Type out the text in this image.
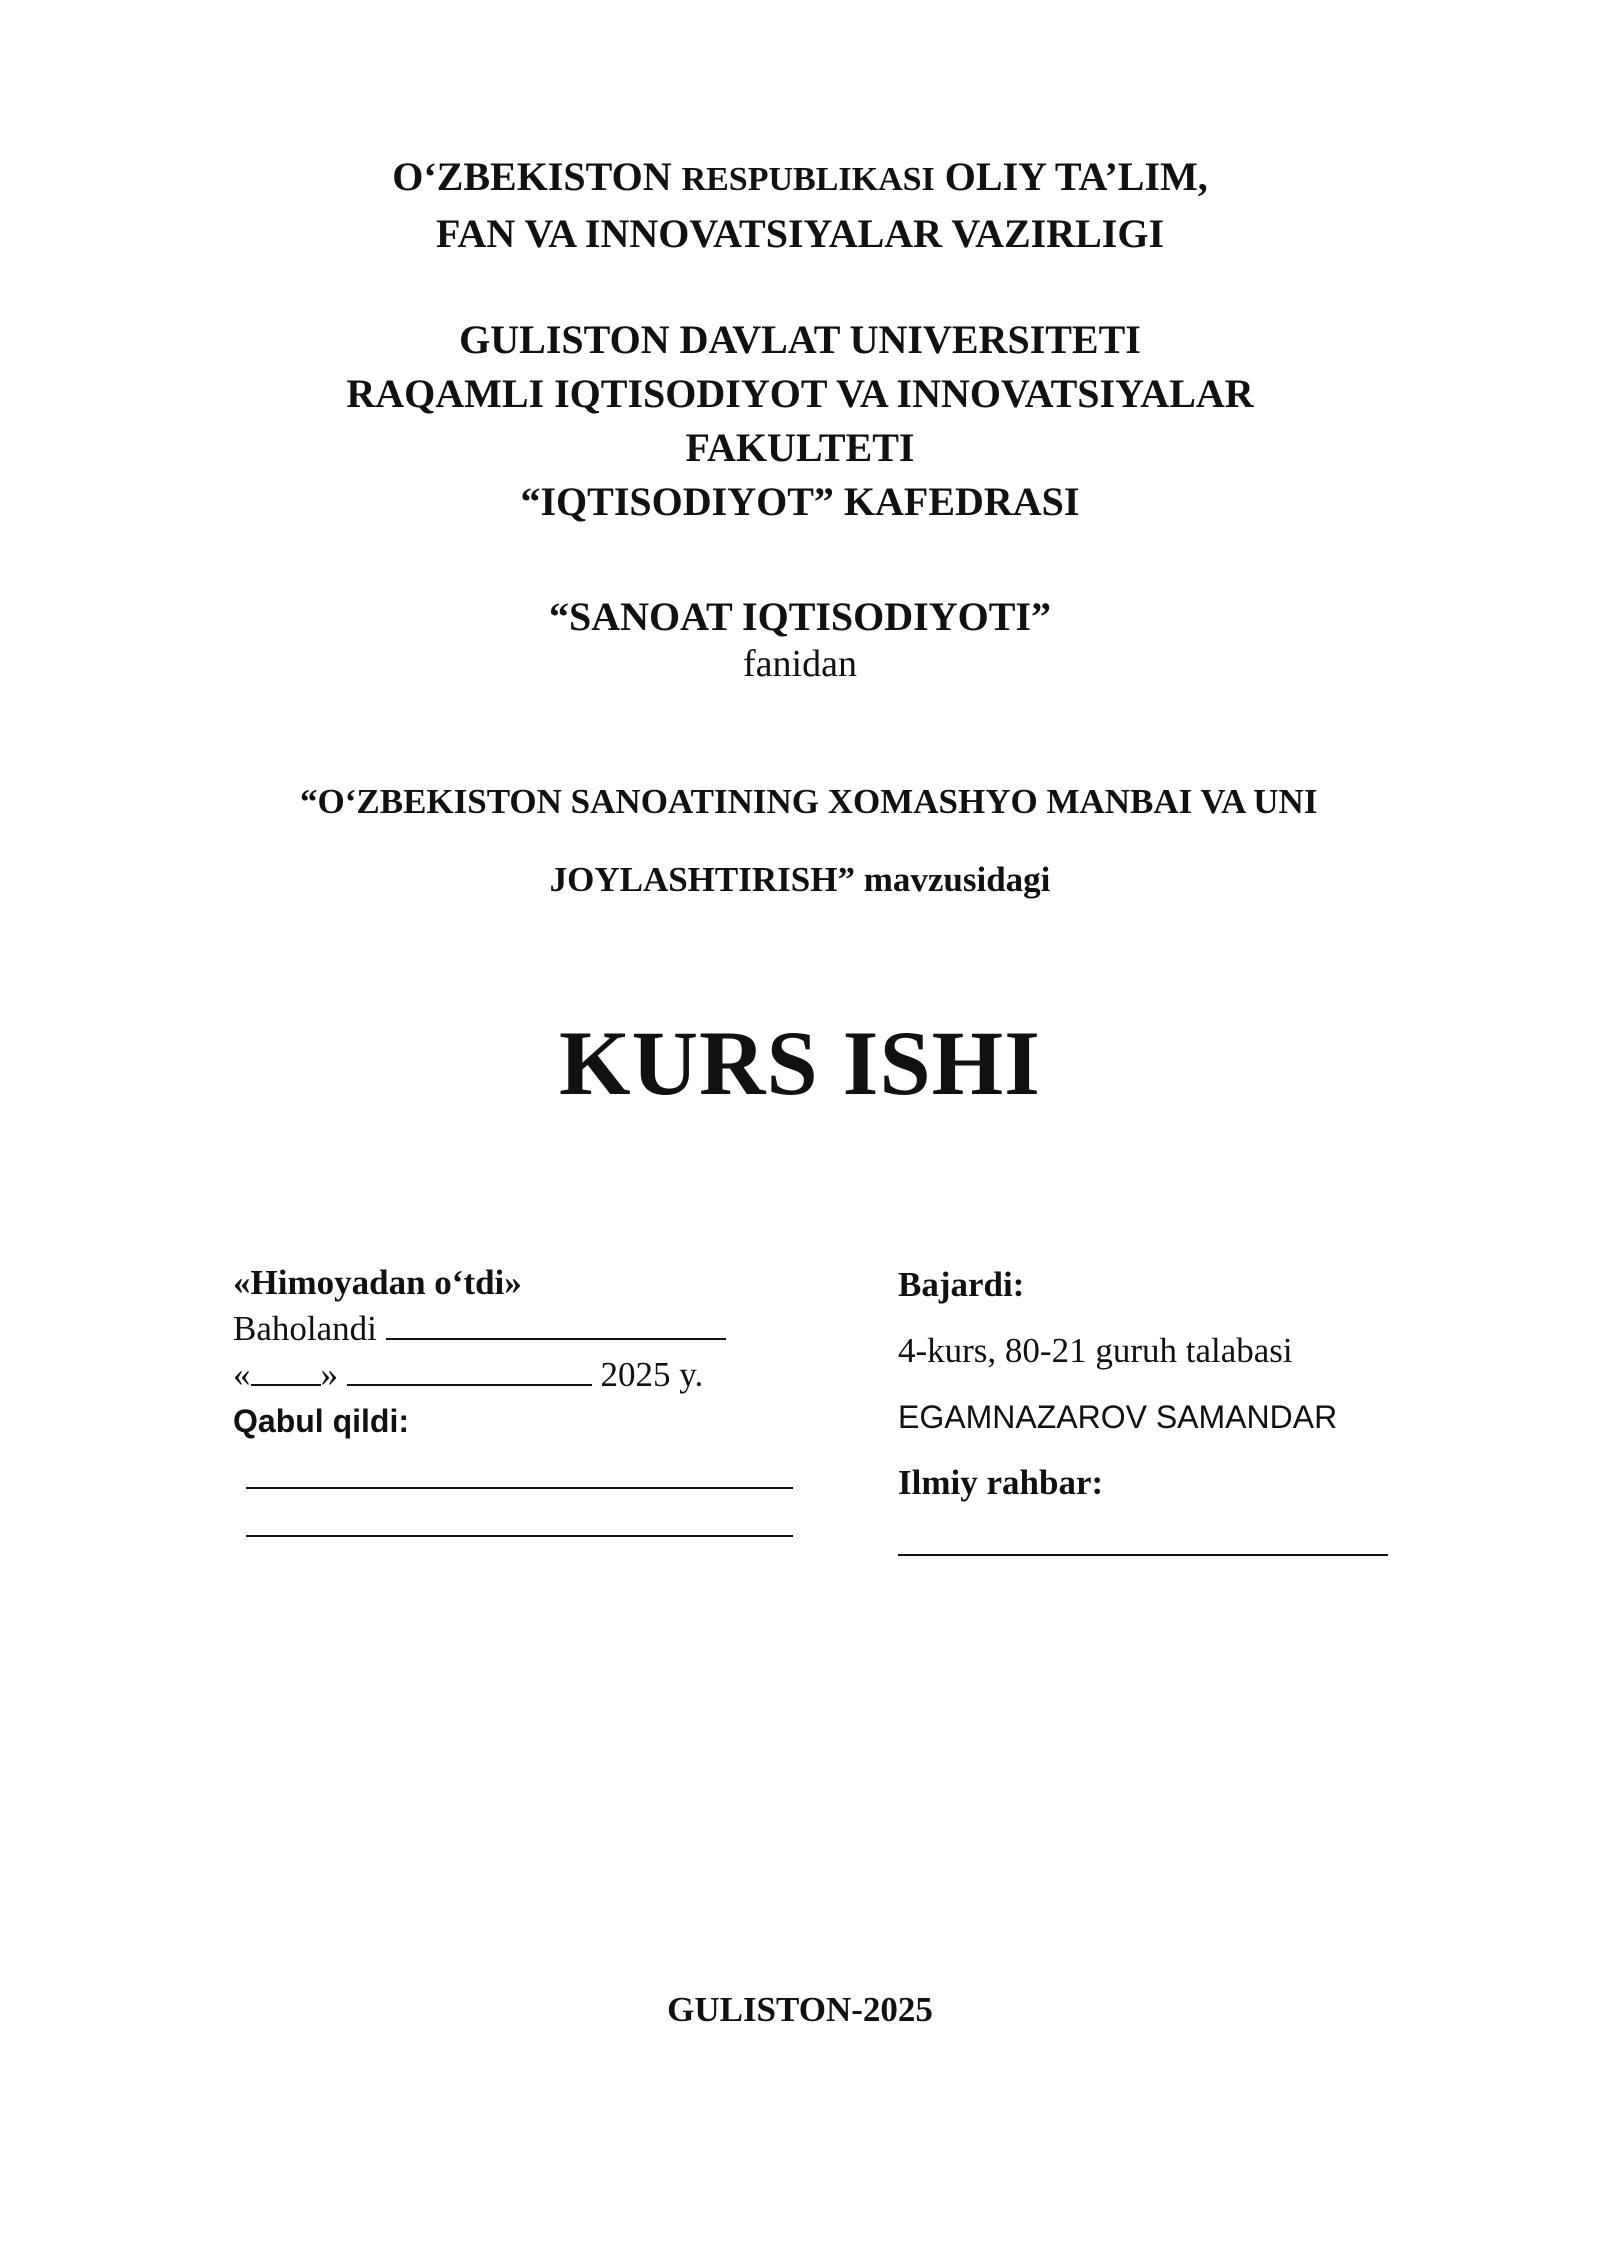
O‘ZBEKISTON RESPUBLIKASI OLIY TA’LIM,
FAN VA INNOVATSIYALAR VAZIRLIGI
GULISTON DAVLAT UNIVERSITETI
RAQAMLI IQTISODIYOT VA INNOVATSIYALAR
FAKULTETI
“IQTISODIYOT” KAFEDRASI
“SANOAT IQTISODIYOTI”
fanidan
“O‘ZBEKISTON SANOATINING XOMASHYO MANBAI VA UNI
JOYLASHTIRISH” mavzusidagi
KURS ISHI
«Himoyadan o‘tdi»
Baholandi
« »	2025 y.
Qabul qildi:
Bajardi:
4-kurs, 80-21 guruh talabasi
EGAMNAZAROV SAMANDAR
Ilmiy rahbar:
GULISTON-2025
